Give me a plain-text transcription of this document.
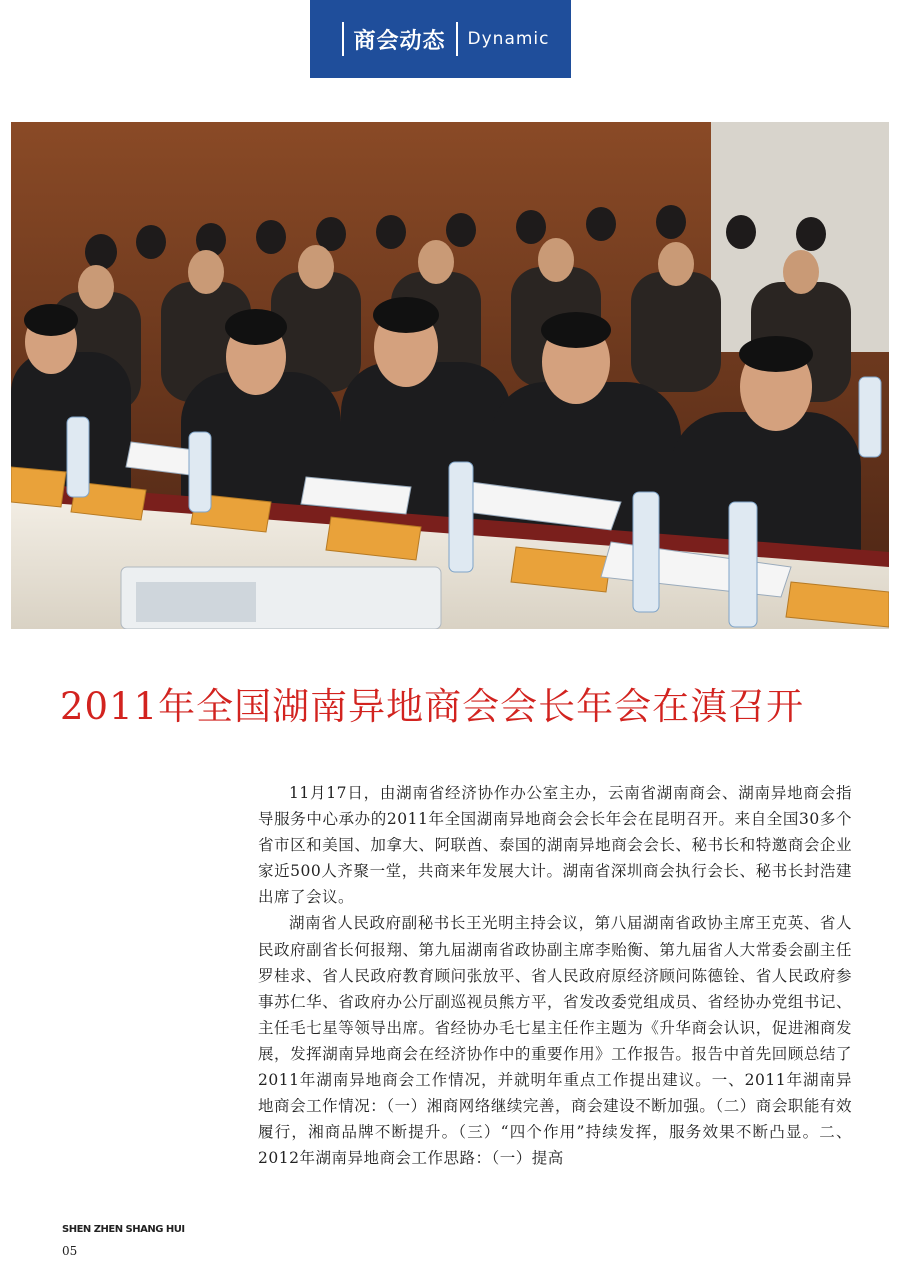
商会动态 Dynamic
2011年全国湖南异地商会会长年会在滇召开

11月17日，由湖南省经济协作办公室主办，云南省湖南商会、湖南异地商会指导服务中心承办的2011年全国湖南异地商会会长年会在昆明召开。来自全国30多个省市区和美国、加拿大、阿联酋、泰国的湖南异地商会会长、秘书长和特邀商会企业家近500人齐聚一堂，共商来年发展大计。湖南省深圳商会执行会长、秘书长封浩建出席了会议。

湖南省人民政府副秘书长王光明主持会议，第八届湖南省政协主席王克英、省人民政府副省长何报翔、第九届湖南省政协副主席李贻衡、第九届省人大常委会副主任罗桂求、省人民政府教育顾问张放平、省人民政府原经济顾问陈德铨、省人民政府参事苏仁华、省政府办公厅副巡视员熊方平，省发改委党组成员、省经协办党组书记、主任毛七星等领导出席。省经协办毛七星主任作主题为《升华商会认识，促进湘商发展，发挥湖南异地商会在经济协作中的重要作用》工作报告。报告中首先回顾总结了2011年湖南异地商会工作情况，并就明年重点工作提出建议。一、2011年湖南异地商会工作情况：（一）湘商网络继续完善，商会建设不断加强。（二）商会职能有效履行，湘商品牌不断提升。（三）“四个作用”持续发挥，服务效果不断凸显。二、2012年湖南异地商会工作思路：（一）提高

SHEN ZHEN SHANG HUI
05
